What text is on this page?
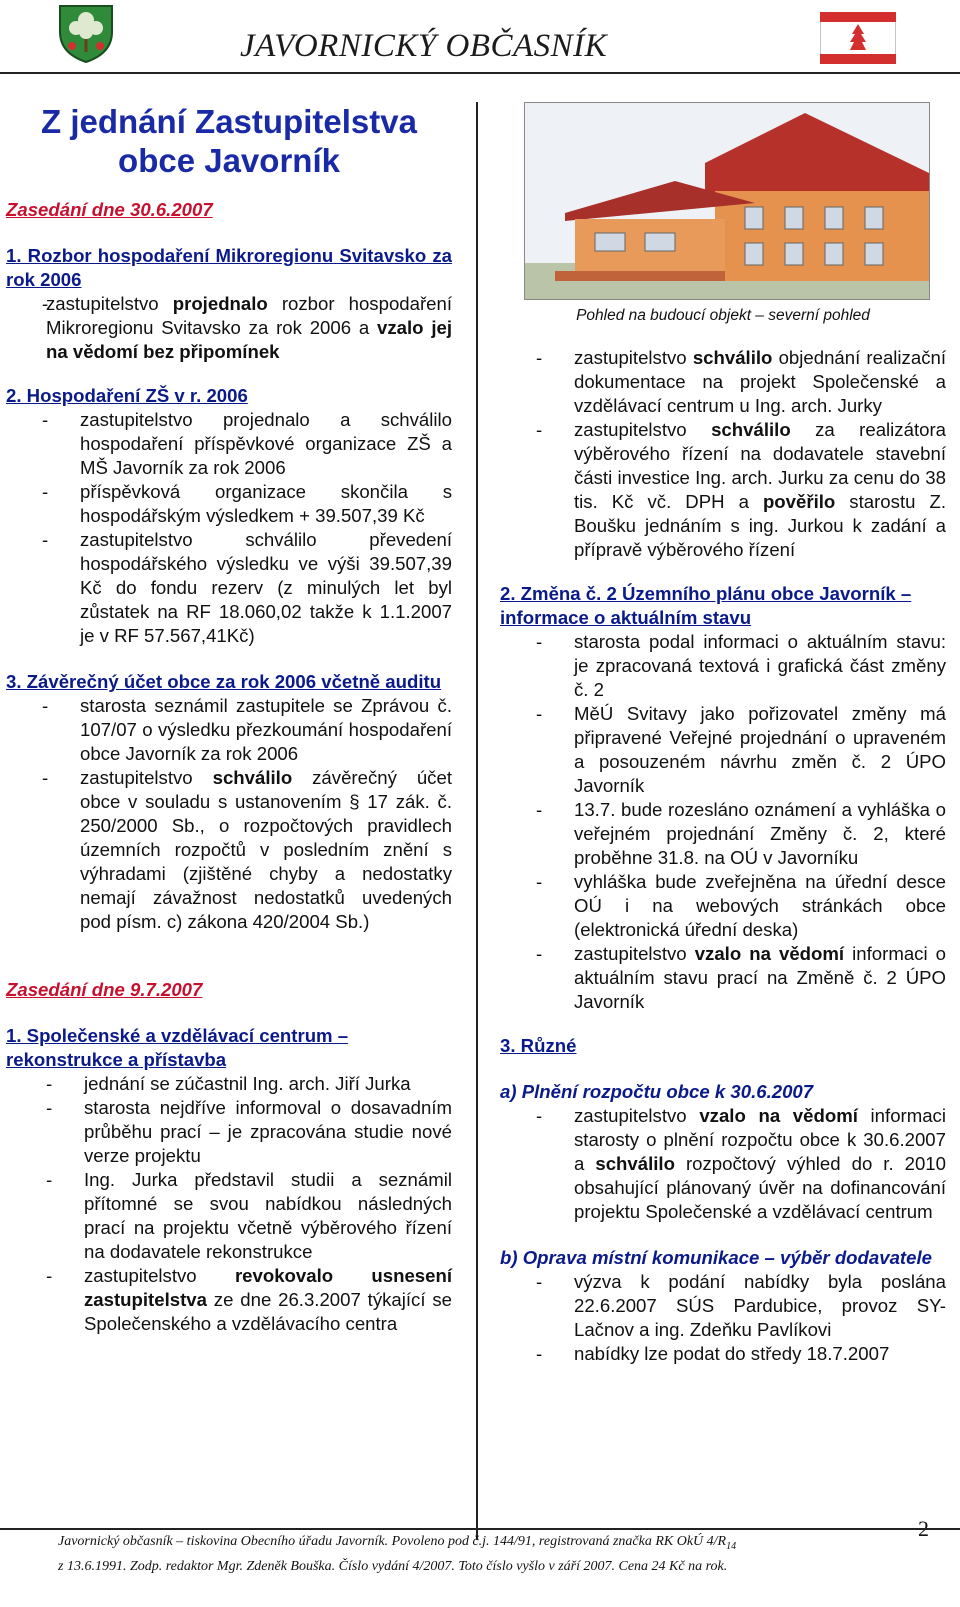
JAVORNICKÝ OBČASNÍK
Z jednání Zastupitelstva obce Javorník

Zasedání dne 30.6.2007

1. Rozbor hospodaření Mikroregionu Svitavsko za rok 2006

- zastupitelstvo projednalo rozbor hospodaření Mikroregionu Svitavsko za rok 2006 a vzalo jej na vědomí bez připomínek

2. Hospodaření ZŠ v r. 2006

- zastupitelstvo projednalo a schválilo hospodaření příspěvkové organizace ZŠ a MŠ Javorník za rok 2006
- příspěvková organizace skončila s hospodářským výsledkem + 39.507,39 Kč
- zastupitelstvo schválilo převedení hospodářského výsledku ve výši 39.507,39 Kč do fondu rezerv (z minulých let byl zůstatek na RF 18.060,02 takže k 1.1.2007 je v RF 57.567,41Kč)

3. Závěrečný účet obce za rok 2006 včetně auditu

- starosta seznámil zastupitele se Zprávou č. 107/07 o výsledku přezkoumání hospodaření obce Javorník za rok 2006
- zastupitelstvo schválilo závěrečný účet obce v souladu s ustanovením § 17 zák. č. 250/2000 Sb., o rozpočtových pravidlech územních rozpočtů v posledním znění s výhradami (zjištěné chyby a nedostatky nemají závažnost nedostatků uvedených pod písm. c) zákona 420/2004 Sb.)

Zasedání dne 9.7.2007

1. Společenské a vzdělávací centrum – rekonstrukce a přístavba

- jednání se zúčastnil Ing. arch. Jiří Jurka
- starosta nejdříve informoval o dosavadním průběhu prací – je zpracována studie nové verze projektu
- Ing. Jurka představil studii a seznámil přítomné se svou nabídkou následných prací na projektu včetně výběrového řízení na dodavatele rekonstrukce
- zastupitelstvo revokovalo usnesení zastupitelstva ze dne 26.3.2007 týkající se Společenského a vzdělávacího centra

Pohled na budoucí objekt – severní pohled

- zastupitelstvo schválilo objednání realizační dokumentace na projekt Společenské a vzdělávací centrum u Ing. arch. Jurky
- zastupitelstvo schválilo za realizátora výběrového řízení na dodavatele stavební části investice Ing. arch. Jurku za cenu do 38 tis. Kč vč. DPH a pověřilo starostu Z. Boušku jednáním s ing. Jurkou k zadání a přípravě výběrového řízení

2. Změna č. 2 Územního plánu obce Javorník – informace o aktuálním stavu

- starosta podal informaci o aktuálním stavu: je zpracovaná textová i grafická část změny č. 2
- MěÚ Svitavy jako pořizovatel změny má připravené Veřejné projednání o upraveném a posouzeném návrhu změn č. 2 ÚPO Javorník
- 13.7. bude rozesláno oznámení a vyhláška o veřejném projednání Změny č. 2, které proběhne 31.8. na OÚ v Javorníku
- vyhláška bude zveřejněna na úřední desce OÚ i na webových stránkách obce (elektronická úřední deska)
- zastupitelstvo vzalo na vědomí informaci o aktuálním stavu prací na Změně č. 2 ÚPO Javorník

3. Různé

a) Plnění rozpočtu obce k 30.6.2007

- zastupitelstvo vzalo na vědomí informaci starosty o plnění rozpočtu obce k 30.6.2007 a schválilo rozpočtový výhled do r. 2010 obsahující plánovaný úvěr na dofinancování projektu Společenské a vzdělávací centrum

b) Oprava místní komunikace – výběr dodavatele

- výzva k podání nabídky byla poslána 22.6.2007 SÚS Pardubice, provoz SY-Lačnov a ing. Zdeňku Pavlíkovi
- nabídky lze podat do středy 18.7.2007
Javornický občasník – tiskovina Obecního úřadu Javorník. Povoleno pod č.j. 144/91, registrovaná značka RK OkÚ $4/R_{14}$
z 13.6.1991. Zodp. redaktor Mgr. Zdeněk Bouška. Číslo vydání 4/2007. Toto číslo vyšlo v září 2007. Cena 24 Kč na rok.
